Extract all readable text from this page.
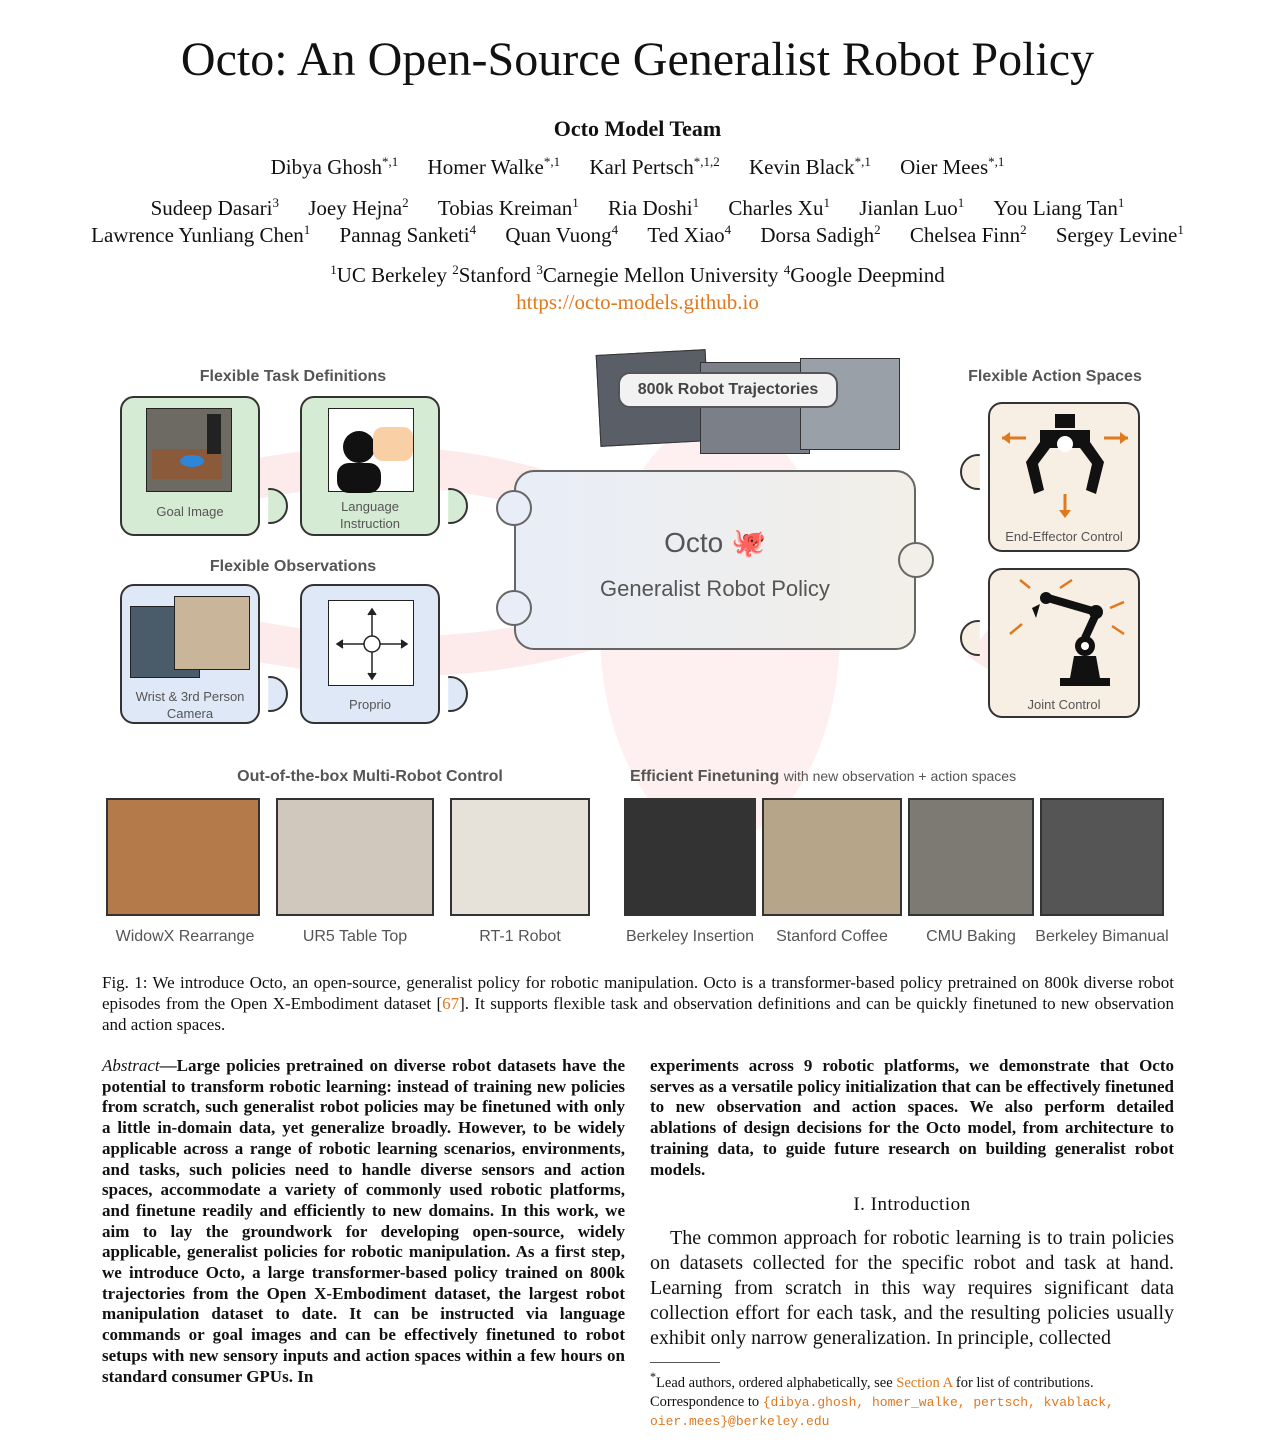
Octo: An Open-Source Generalist Robot Policy
Octo Model Team
Dibya Ghosh$^{*,1}$ Homer Walke$^{*,1}$ Karl Pertsch$^{*,1,2}$ Kevin Black$^{*,1}$ Oier Mees$^{*,1}$
Sudeep Dasari$^3$ Joey Hejna$^2$ Tobias Kreiman$^1$ Ria Doshi$^1$ Charles Xu$^1$ Jianlan Luo$^1$ You Liang Tan$^1$
Lawrence Yunliang Chen$^1$ Pannag Sanketi$^4$ Quan Vuong$^4$ Ted Xiao$^4$ Dorsa Sadigh$^2$ Chelsea Finn$^2$ Sergey Levine$^1$
$^1$UC Berkeley $^2$Stanford $^3$Carnegie Mellon University $^4$Google Deepmind
https://octo-models.github.io
Flexible Task Definitions
Goal Image	Language
Instruction
Flexible Observations
Wrist & 3rd Person
Camera
Proprio
800k Robot Trajectories
Octo 🐙
Generalist Robot Policy
Flexible Action Spaces
End-Effector Control
Joint Control
Out-of-the-box Multi-Robot Control	Efficient Finetuning with new observation + action spaces
WidowX Rearrange	UR5 Table Top	RT-1 Robot	Berkeley Insertion	Stanford Coffee	CMU Baking	Berkeley Bimanual
Fig. 1: We introduce Octo, an open-source, generalist policy for robotic manipulation. Octo is a transformer-based policy pretrained on 800k diverse robot episodes from the Open X-Embodiment dataset [67]. It supports flexible task and observation definitions and can be quickly finetuned to new observation and action spaces.
Abstract—Large policies pretrained on diverse robot datasets have the potential to transform robotic learning: instead of training new policies from scratch, such generalist robot policies may be finetuned with only a little in-domain data, yet generalize broadly. However, to be widely applicable across a range of robotic learning scenarios, environments, and tasks, such policies need to handle diverse sensors and action spaces, accommodate a variety of commonly used robotic platforms, and finetune readily and efficiently to new domains. In this work, we aim to lay the groundwork for developing open-source, widely applicable, generalist policies for robotic manipulation. As a first step, we introduce Octo, a large transformer-based policy trained on 800k trajectories from the Open X-Embodiment dataset, the largest robot manipulation dataset to date. It can be instructed via language commands or goal images and can be effectively finetuned to robot setups with new sensory inputs and action spaces within a few hours on standard consumer GPUs. In
experiments across 9 robotic platforms, we demonstrate that Octo serves as a versatile policy initialization that can be effectively finetuned to new observation and action spaces. We also perform detailed ablations of design decisions for the Octo model, from architecture to training data, to guide future research on building generalist robot models.
I. Introduction
The common approach for robotic learning is to train policies on datasets collected for the specific robot and task at hand. Learning from scratch in this way requires significant data collection effort for each task, and the resulting policies usually exhibit only narrow generalization. In principle, collected
*Lead authors, ordered alphabetically, see Section A for list of contributions. Correspondence to {dibya.ghosh, homer_walke, pertsch, kvablack, oier.mees}@berkeley.edu
